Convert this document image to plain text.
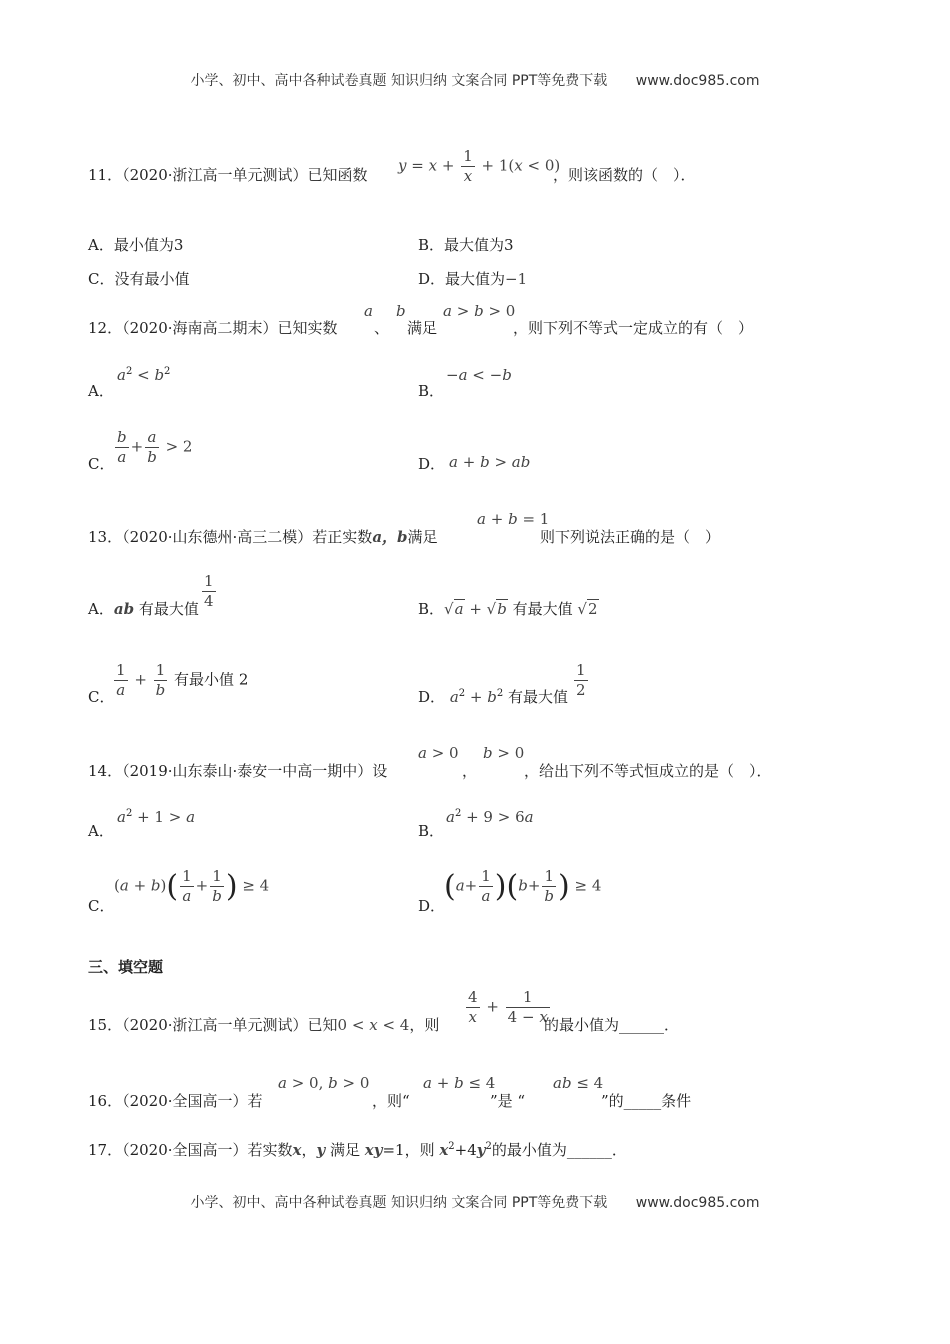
小学、初中、高中各种试卷真题 知识归纳 文案合同 PPT等免费下载 www.doc985.com
11．（2020·浙江高一单元测试）已知函数
$y = x + \frac{1}{x} + 1(x < 0)$
，则该函数的（　）．
A．最小值为3	B．最大值为3
C．没有最小值	D．最大值为−1
12．（2020·海南高二期末）已知实数
a
、
b
满足
a > b > 0
，则下列不等式一定成立的有（　）
A．
$a^2 < b^2$
B．
−a < −b
C． $\frac{b}{a} + \frac{a}{b} > 2$
D． a + b > ab
13．（2020·山东德州·高三二模）若正实数a，b满足
a + b = 1
则下列说法正确的是（　）
A．ab 有最大值 $\frac{1}{4}$	B．√a + √b 有最大值 √2
C． $\frac{1}{a} + \frac{1}{b}$ 有最小值 2
D． $a^2 + b^2$ 有最大值 $\frac{1}{2}$
14．（2019·山东泰山·泰安一中高一期中）设
a > 0
，
b > 0
，给出下列不等式恒成立的是（　）．
A．
$a^2 + 1 > a$
B．
$a^2 + 9 > 6a$
C．
$(a + b)( \frac{1}{a} + \frac{1}{b}$ ) ≥ 4
D．
$(a+ \frac{1}{a} )(b+ \frac{1}{b}$ ) ≥ 4
三、填空题
15．（2020·浙江高一单元测试）已知0 < x < 4，则 $\frac{4}{x} + \frac{1}{4 - x}$
的最小值为______．
16．（2020·全国高一）若
a > 0, b > 0
，则“
a + b ≤ 4
”是 “
ab ≤ 4
”的_____条件
17．（2020·全国高一）若实数x，y 满足 xy=1，则 $x^2+4y^2$的最小值为______．
小学、初中、高中各种试卷真题 知识归纳 文案合同 PPT等免费下载 www.doc985.com
